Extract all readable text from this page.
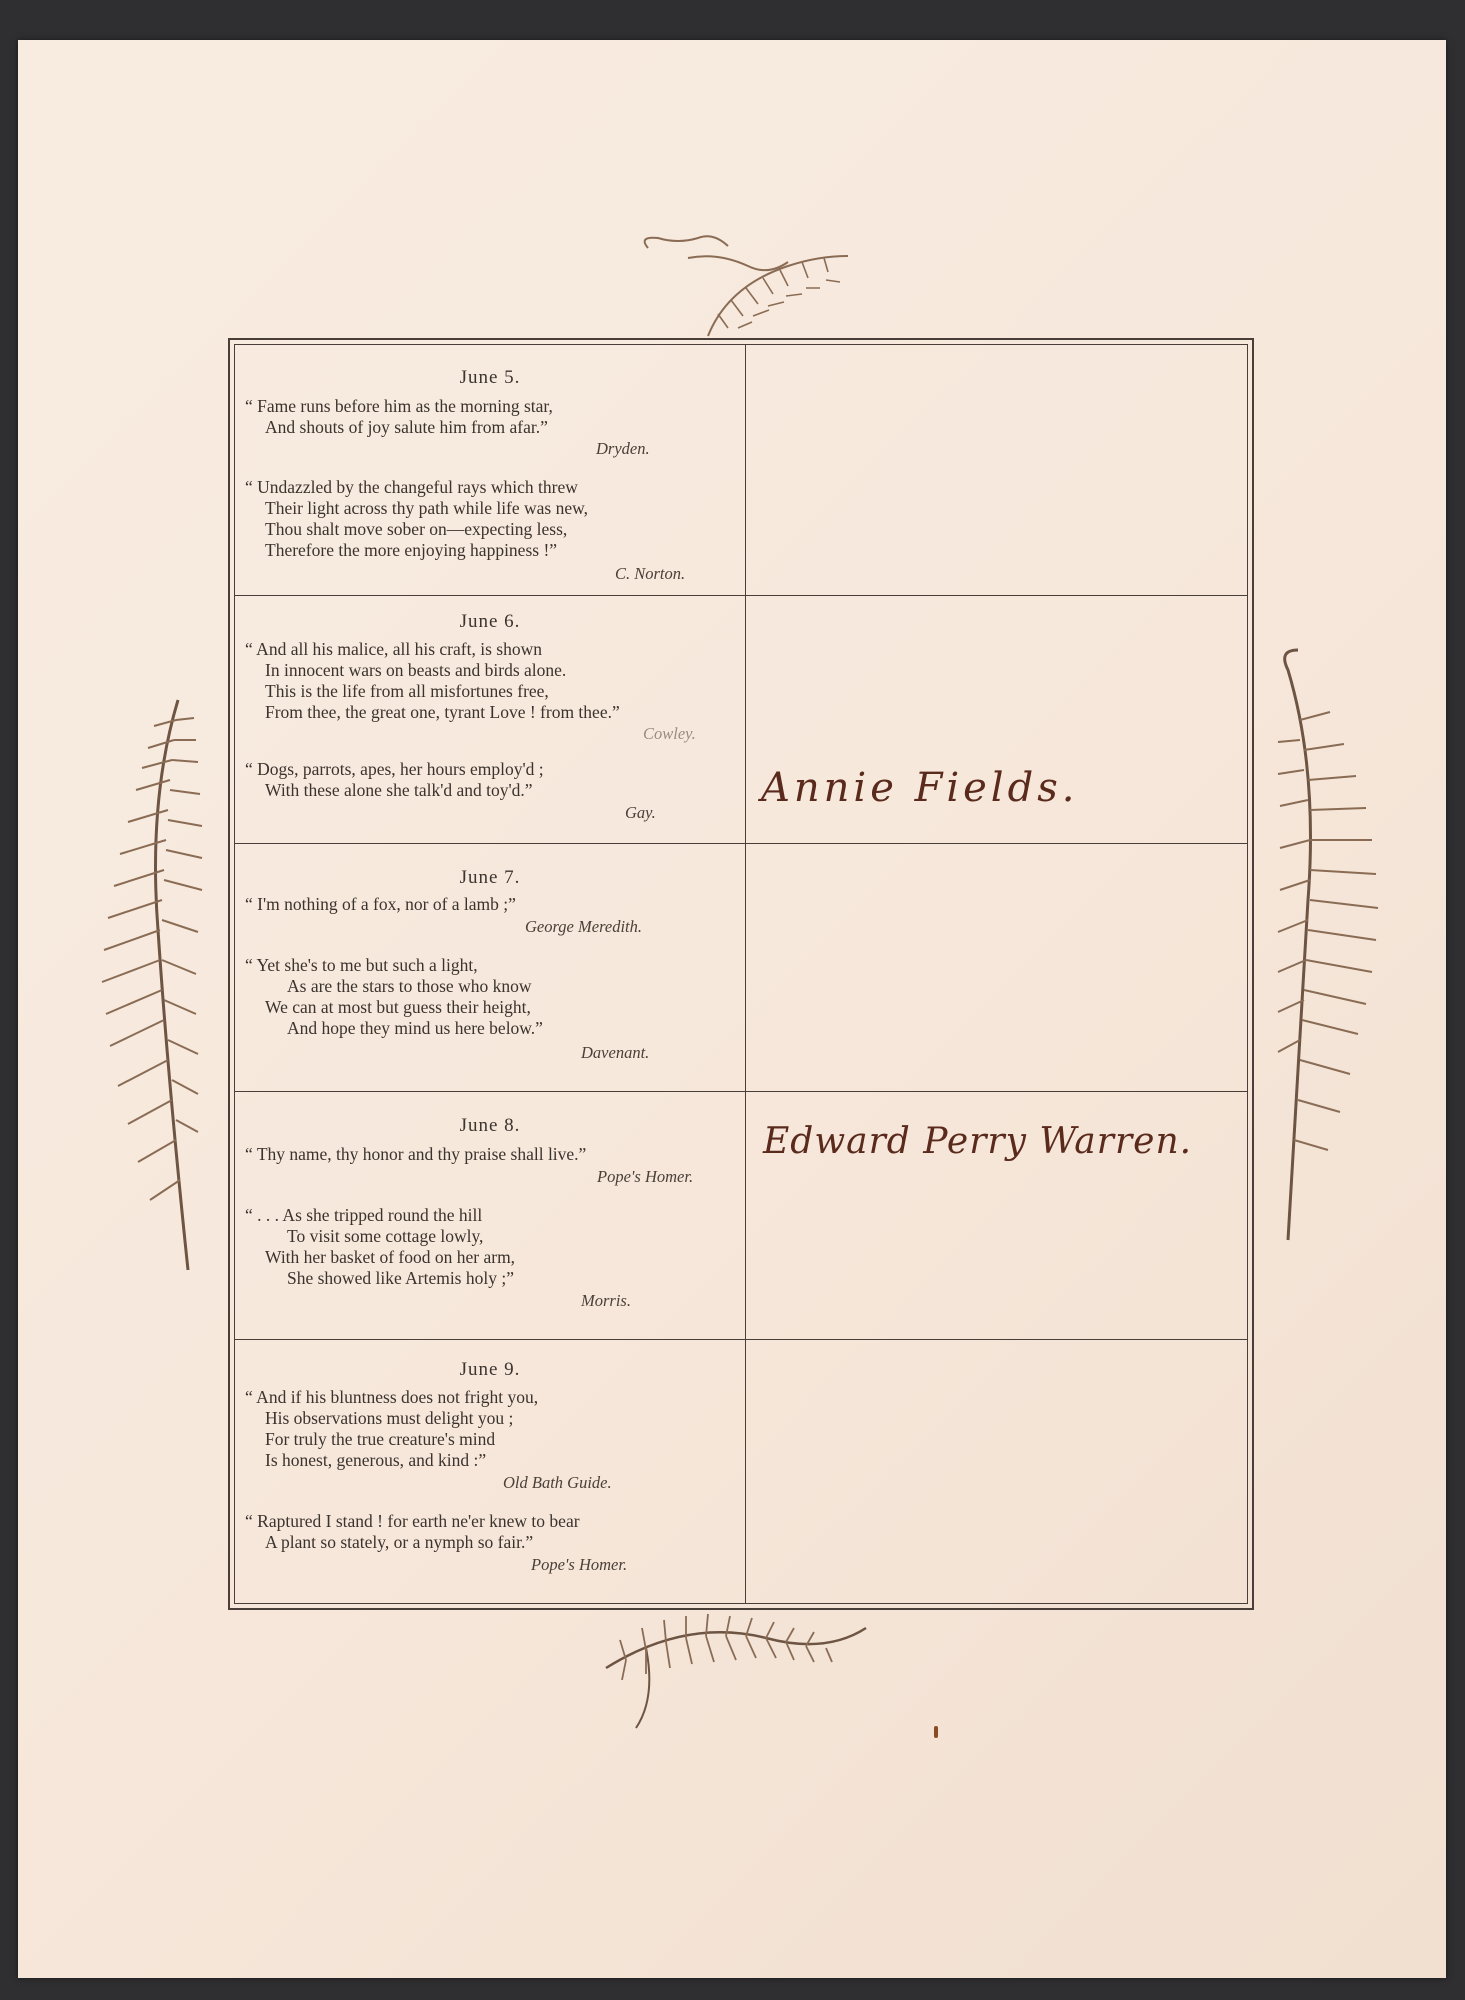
June 5.
“ Fame runs before him as the morning star,
And shouts of joy salute him from afar.”
Dryden.
“ Undazzled by the changeful rays which threw
Their light across thy path while life was new,
Thou shalt move sober on—expecting less,
Therefore the more enjoying happiness !”
C. Norton.
June 6.
“ And all his malice, all his craft, is shown
In innocent wars on beasts and birds alone.
This is the life from all misfortunes free,
From thee, the great one, tyrant Love ! from thee.”
Cowley.
“ Dogs, parrots, apes, her hours employ'd ;
With these alone she talk'd and toy'd.”
Gay.
Annie Fields.
June 7.
“ I'm nothing of a fox, nor of a lamb ;”
George Meredith.
“ Yet she's to me but such a light,
As are the stars to those who know
We can at most but guess their height,
And hope they mind us here below.”
Davenant.
June 8.
“ Thy name, thy honor and thy praise shall live.”
Pope's Homer.
“ . . . As she tripped round the hill
To visit some cottage lowly,
With her basket of food on her arm,
She showed like Artemis holy ;”
Morris.
Edward Perry Warren.
June 9.
“ And if his bluntness does not fright you,
His observations must delight you ;
For truly the true creature's mind
Is honest, generous, and kind :”
Old Bath Guide.
“ Raptured I stand ! for earth ne'er knew to bear
A plant so stately, or a nymph so fair.”
Pope's Homer.
